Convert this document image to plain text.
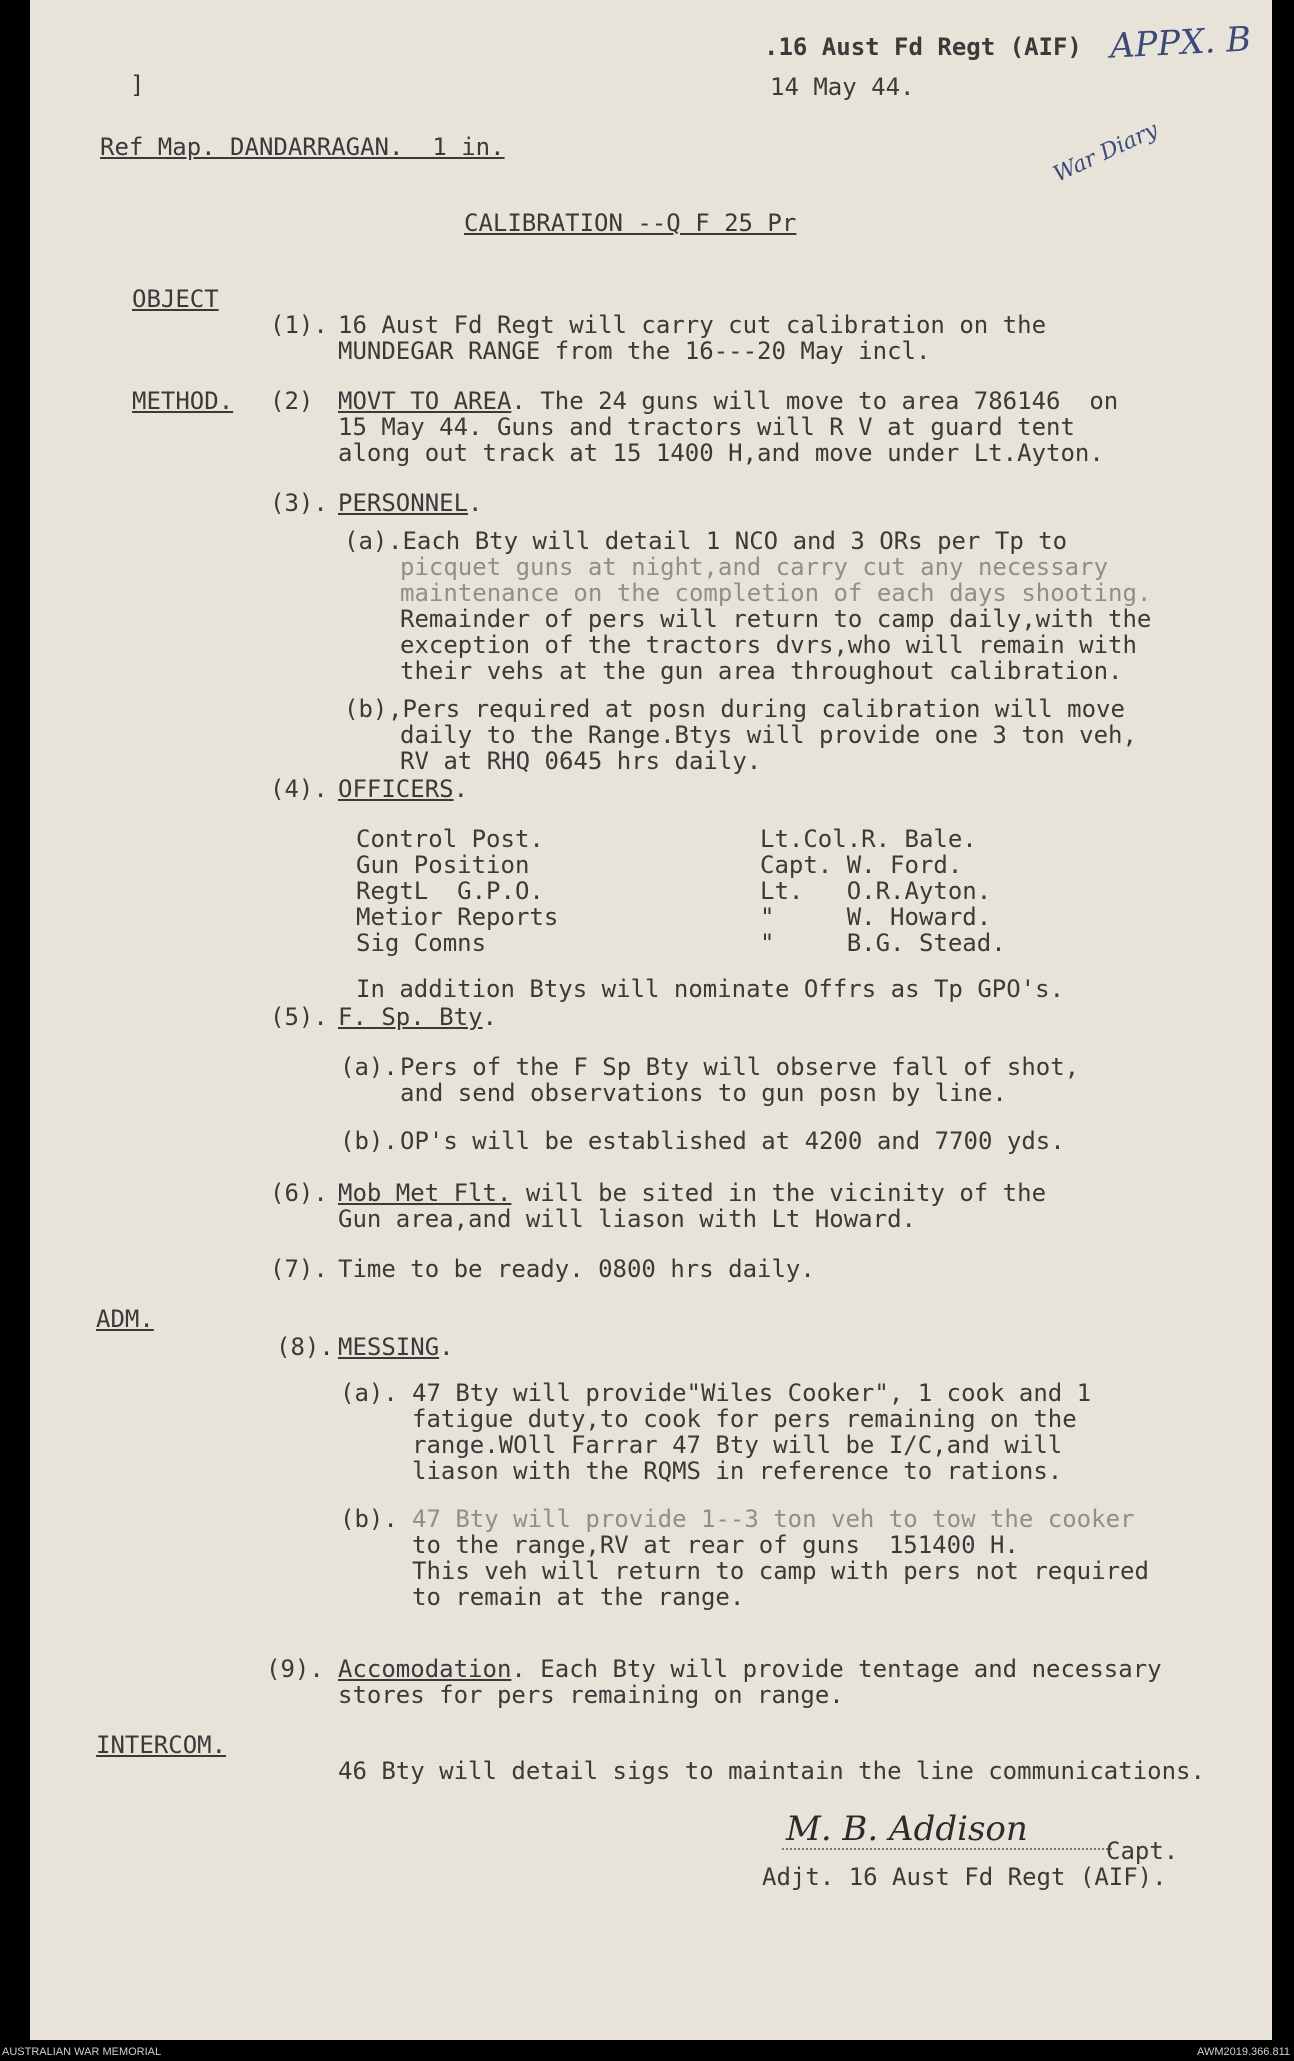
.16 Aust Fd Regt (AIF) APPX. B
]	14 May 44.
War Diary
Ref Map. DANDARRAGAN.  1 in.
CALIBRATION --Q F 25 Pr
OBJECT
(1). 16 Aust Fd Regt will carry cut calibration on the
MUNDEGAR RANGE from the 16---20 May incl.
METHOD. (2) MOVT TO AREA. The 24 guns will move to area 786146  on
15 May 44. Guns and tractors will R V at guard tent
along out track at 15 1400 H,and move under Lt.Ayton.
(3). PERSONNEL.
(a) .Each Bty will detail 1 NCO and 3 ORs per Tp to
picquet guns at night,and carry cut any necessary
maintenance on the completion of each days shooting.
Remainder of pers will return to camp daily,with the
exception of the tractors dvrs,who will remain with
their vehs at the gun area throughout calibration.
(b) ,Pers required at posn during calibration will move
daily to the Range.Btys will provide one 3 ton veh,
RV at RHQ 0645 hrs daily.
(4). OFFICERS.
Control Post.	Lt.Col.R. Bale.
Gun Position	Capt. W. Ford.
RegtL  G.P.O.	Lt.   O.R.Ayton.
Metior Reports	"     W. Howard.
Sig Comns	"     B.G. Stead.
In addition Btys will nominate Offrs as Tp GPO's.
(5). F. Sp. Bty.
(a). Pers of the F Sp Bty will observe fall of shot,
and send observations to gun posn by line.
(b). OP's will be established at 4200 and 7700 yds.
(6). Mob Met Flt. will be sited in the vicinity of the
Gun area,and will liason with Lt Howard.
(7). Time to be ready. 0800 hrs daily.
ADM.
(8). MESSING.
(a). 47 Bty will provide"Wiles Cooker", 1 cook and 1
fatigue duty,to cook for pers remaining on the
range.WOll Farrar 47 Bty will be I/C,and will
liason with the RQMS in reference to rations.
(b). 47 Bty will provide 1--3 ton veh to tow the cooker
to the range,RV at rear of guns  151400 H.
This veh will return to camp with pers not required
to remain at the range.
(9). Accomodation. Each Bty will provide tentage and necessary
stores for pers remaining on range.
INTERCOM.
46 Bty will detail sigs to maintain the line communications.
M. B. Addison
Capt.
Adjt. 16 Aust Fd Regt (AIF).
AUSTRALIAN WAR MEMORIAL	AWM2019.366.811
